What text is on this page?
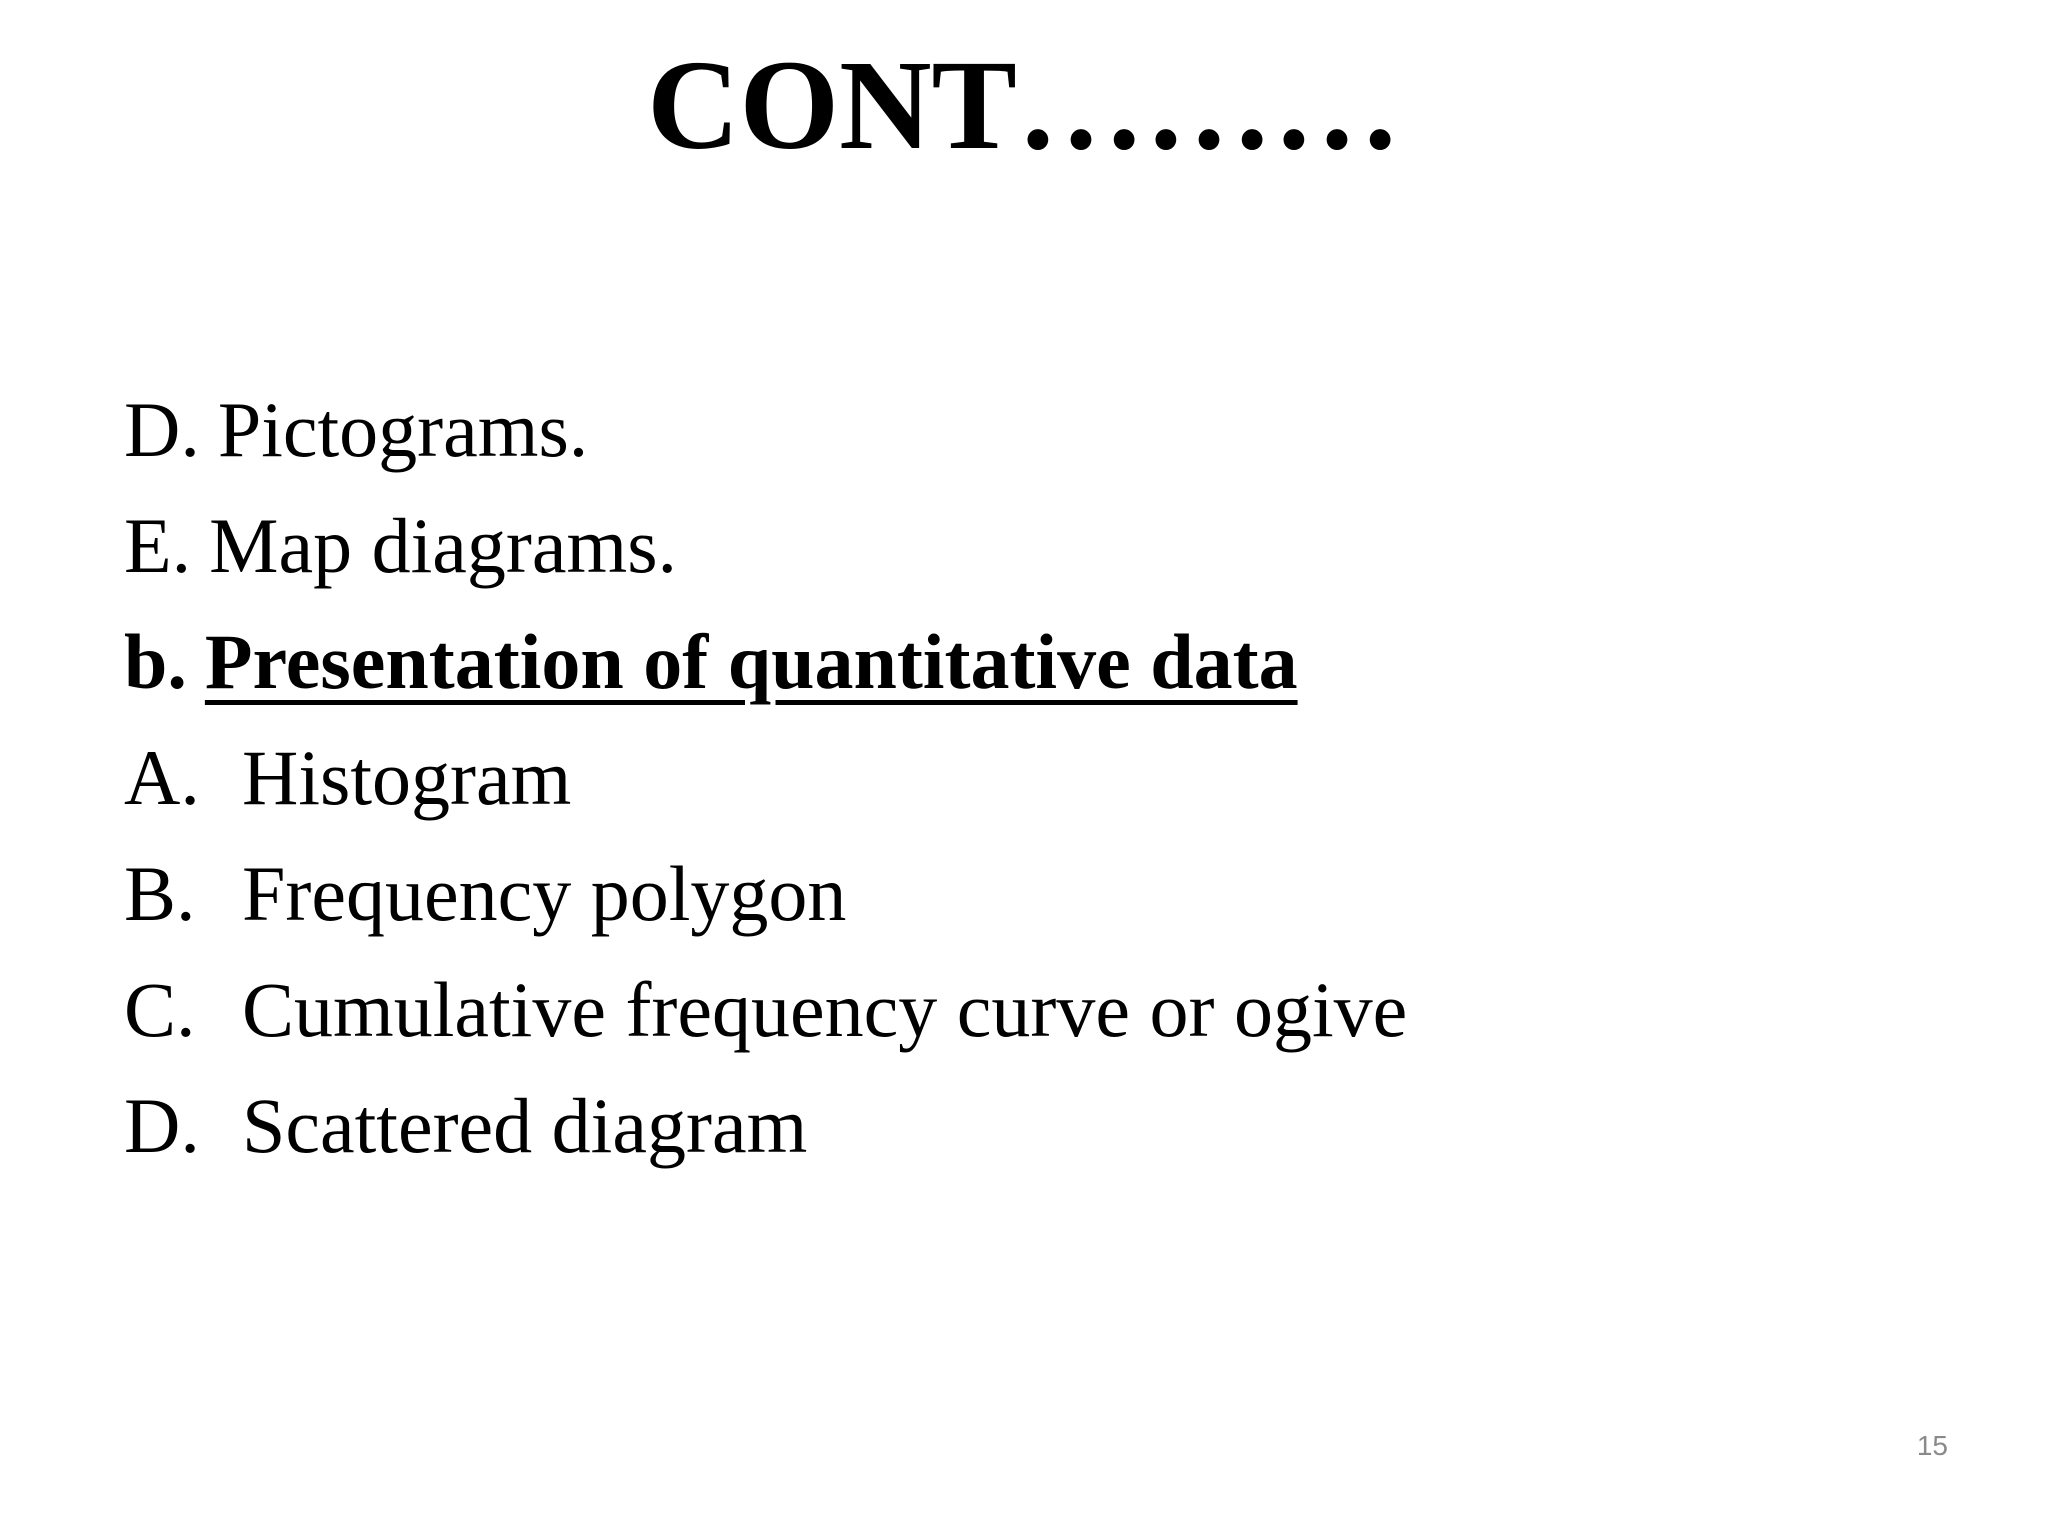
CONT………
D. Pictograms.
E. Map diagrams.
b. Presentation of quantitative data
A. Histogram
B. Frequency polygon
C. Cumulative frequency curve or ogive
D. Scattered diagram
15
